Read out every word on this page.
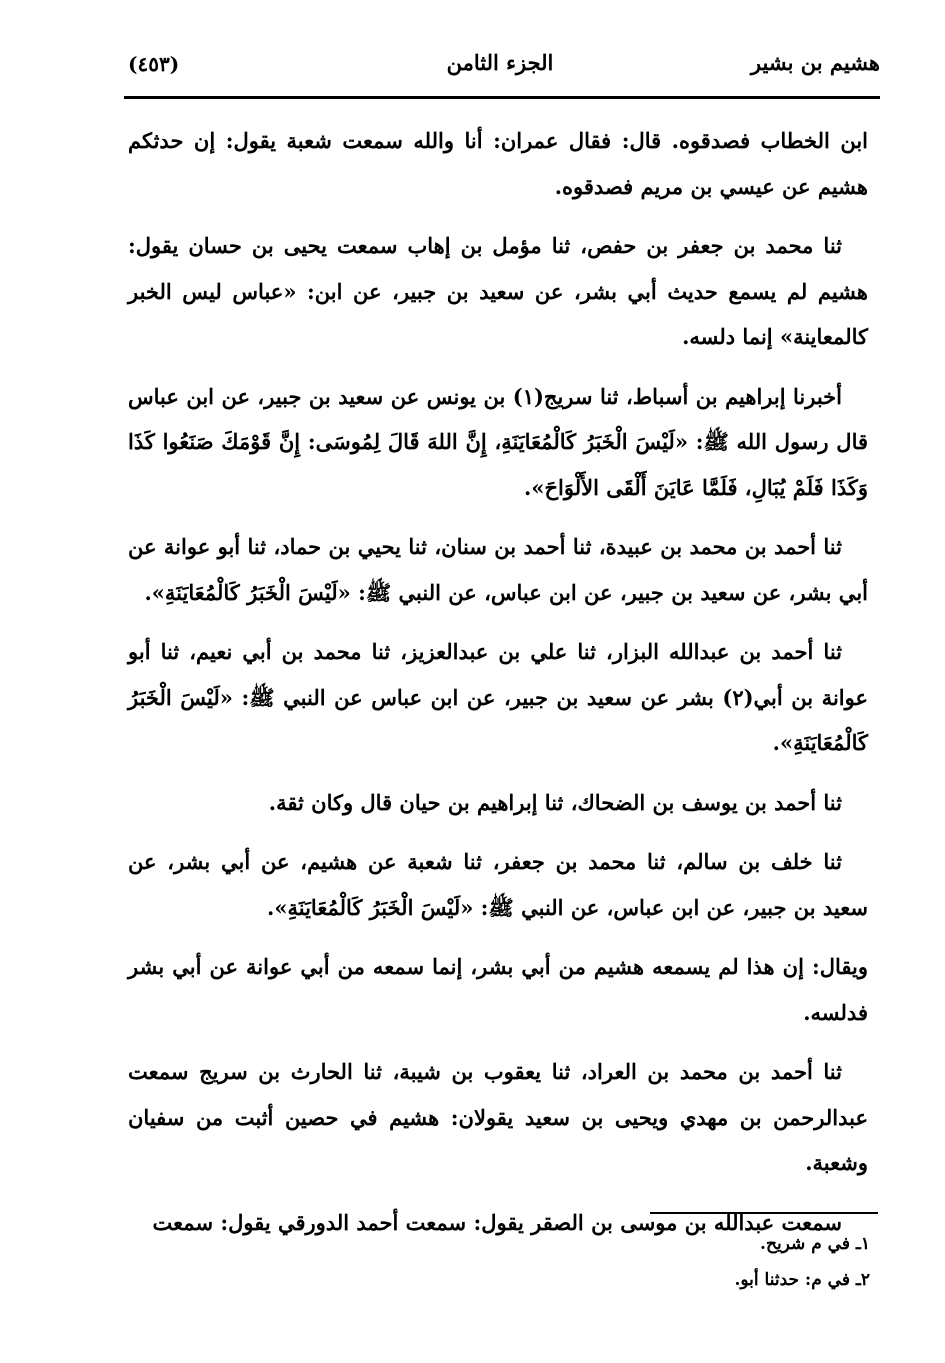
هشيم بن بشير
الجزء الثامن
(٤٥٣)

ابن الخطاب فصدقوه. قال: فقال عمران: أنا والله سمعت شعبة يقول: إن حدثكم هشيم عن عيسي بن مريم فصدقوه.

ثنا محمد بن جعفر بن حفص، ثنا مؤمل بن إهاب سمعت يحيى بن حسان يقول: هشيم لم يسمع حديث أبي بشر، عن سعيد بن جبير، عن ابن: «عباس ليس الخبر كالمعاينة» إنما دلسه.

أخبرنا إبراهيم بن أسباط، ثنا سريج(١) بن يونس عن سعيد بن جبير، عن ابن عباس قال رسول الله ﷺ: «لَيْسَ الْخَبَرُ كَالْمُعَايَنَةِ، إِنَّ اللهَ قَالَ لِمُوسَى: إِنَّ قَوْمَكَ صَنَعُوا كَذَا وَكَذَا فَلَمْ يُبَالِ، فَلَمَّا عَايَنَ أَلْقَى الأَلْوَاحَ».

ثنا أحمد بن محمد بن عبيدة، ثنا أحمد بن سنان، ثنا يحيي بن حماد، ثنا أبو عوانة عن أبي بشر، عن سعيد بن جبير، عن ابن عباس، عن النبي ﷺ: «لَيْسَ الْخَبَرُ كَالْمُعَايَنَةِ».

ثنا أحمد بن عبدالله البزار، ثنا علي بن عبدالعزيز، ثنا محمد بن أبي نعيم، ثنا أبو عوانة بن أبي(٢) بشر عن سعيد بن جبير، عن ابن عباس عن النبي ﷺ: «لَيْسَ الْخَبَرُ كَالْمُعَايَنَةِ».

ثنا أحمد بن يوسف بن الضحاك، ثنا إبراهيم بن حيان قال وكان ثقة.

ثنا خلف بن سالم، ثنا محمد بن جعفر، ثنا شعبة عن هشيم، عن أبي بشر، عن سعيد بن جبير، عن ابن عباس، عن النبي ﷺ: «لَيْسَ الْخَبَرُ كَالْمُعَايَنَةِ».

ويقال: إن هذا لم يسمعه هشيم من أبي بشر، إنما سمعه من أبي عوانة عن أبي بشر فدلسه.

ثنا أحمد بن محمد بن العراد، ثنا يعقوب بن شيبة، ثنا الحارث بن سريج سمعت عبدالرحمن بن مهدي ويحيى بن سعيد يقولان: هشيم في حصين أثبت من سفيان وشعبة.

سمعت عبدالله بن موسى بن الصقر يقول: سمعت أحمد الدورقي يقول: سمعت

١ـ في م شريح.
٢ـ في م: حدثنا أبو.
